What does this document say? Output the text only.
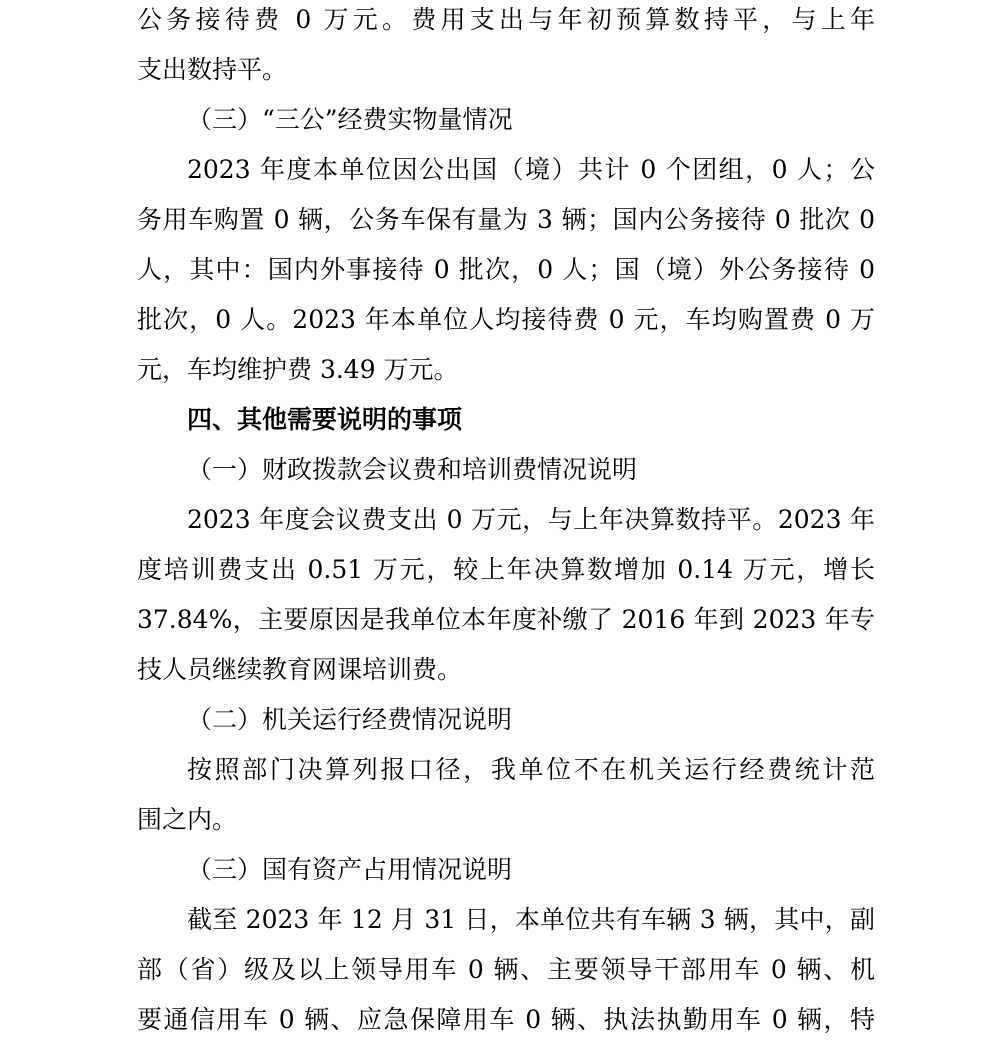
公务接待费 0 万元。费用支出与年初预算数持平，与上年
支出数持平。
（三）“三公”经费实物量情况
2023 年度本单位因公出国（境）共计 0 个团组，0 人；公
务用车购置 0 辆，公务车保有量为 3 辆；国内公务接待 0 批次 0
人，其中：国内外事接待 0 批次，0 人；国（境）外公务接待 0
批次，0 人。2023 年本单位人均接待费 0 元，车均购置费 0 万
元，车均维护费 3.49 万元。
四、其他需要说明的事项
（一）财政拨款会议费和培训费情况说明
2023 年度会议费支出 0 万元，与上年决算数持平。2023 年
度培训费支出 0.51 万元，较上年决算数增加 0.14 万元，增长
37.84%，主要原因是我单位本年度补缴了 2016 年到 2023 年专
技人员继续教育网课培训费。
（二）机关运行经费情况说明
按照部门决算列报口径，我单位不在机关运行经费统计范
围之内。
（三）国有资产占用情况说明
截至 2023 年 12 月 31 日，本单位共有车辆 3 辆，其中，副
部（省）级及以上领导用车 0 辆、主要领导干部用车 0 辆、机
要通信用车 0 辆、应急保障用车 0 辆、执法执勤用车 0 辆，特
